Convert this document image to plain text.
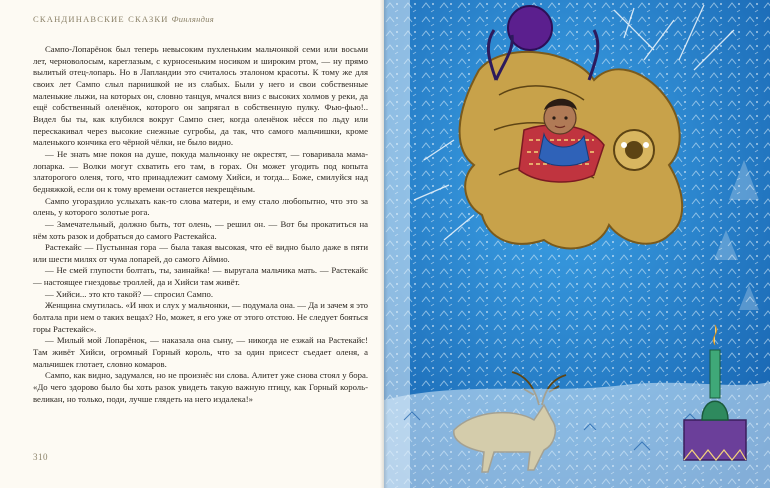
СКАНДИНАВСКИЕ СКАЗКИ Финляндия

Сампо-Лопарёнок был теперь невысоким пухленьким мальчонкой семи или восьми лет, черноволосым, кареглазым, с курносеньким носиком и широким ртом, — ну прямо вылитый отец-лопарь. Но в Лапландии это считалось эталоном красоты. К тому же для своих лет Сампо слыл парнишкой не из слабых. Были у него и свои собственные маленькие лыжи, на которых он, словно танцуя, мчался вниз с высоких холмов у реки, да ещё собственный оленёнок, которого он запрягал в собственную пулку. Фью-фью!.. Видел бы ты, как клубился вокруг Сампо снег, когда оленёнок нёсся по льду или перескакивал через высокие снежные сугробы, да так, что самого мальчишки, кроме маленького кончика его чёрной чёлки, не было видно.

— Не знать мне покоя на душе, покуда мальчонку не окрестят, — говаривала мама-лопарка. — Волки могут схватить его там, в горах. Он может угодить под копыта златорогого оленя, того, что принадлежит самому Хийси, и тогда... Боже, смилуйся над бедняжкой, если он к тому времени останется некрещёным.

Сампо угораздило услыхать как-то слова матери, и ему стало любопытно, что это за олень, у которого золотые рога.

— Замечательный, должно быть, тот олень, — решил он. — Вот бы прокатиться на нём хоть разок и добраться до самого Растекайса.

Растекайс — Пустынная гора — была такая высокая, что её видно было даже в пяти или шести милях от чума лопарей, до самого Аймио.

— Не смей глупости болтать, ты, заинайка! — выругала мальчика мать. — Растекайс — настоящее гнездовье троллей, да и Хийси там живёт.

— Хийси... это кто такой? — спросил Сампо.

Женщина смутилась. «И нюх и слух у мальчонки, — подумала она. — Да и зачем я это болтала при нем о таких вещах? Но, может, я его уже от этого отстою. Не следует бояться горы Растекайс».

— Милый мой Лопарёнок, — наказала она сыну, — никогда не езжай на Растекайс! Там живёт Хийси, огромный Горный король, что за один присест съедает оленя, а мальчишек глотает, словно комаров.

Сампо, как видно, задумался, но не произнёс ни слова. Алитет уже снова стоял у бора. «До чего здорово было бы хоть разок увидеть такую важную птицу, как Горный король-великан, но только, поди, лучше глядеть на него издалека!»

310
